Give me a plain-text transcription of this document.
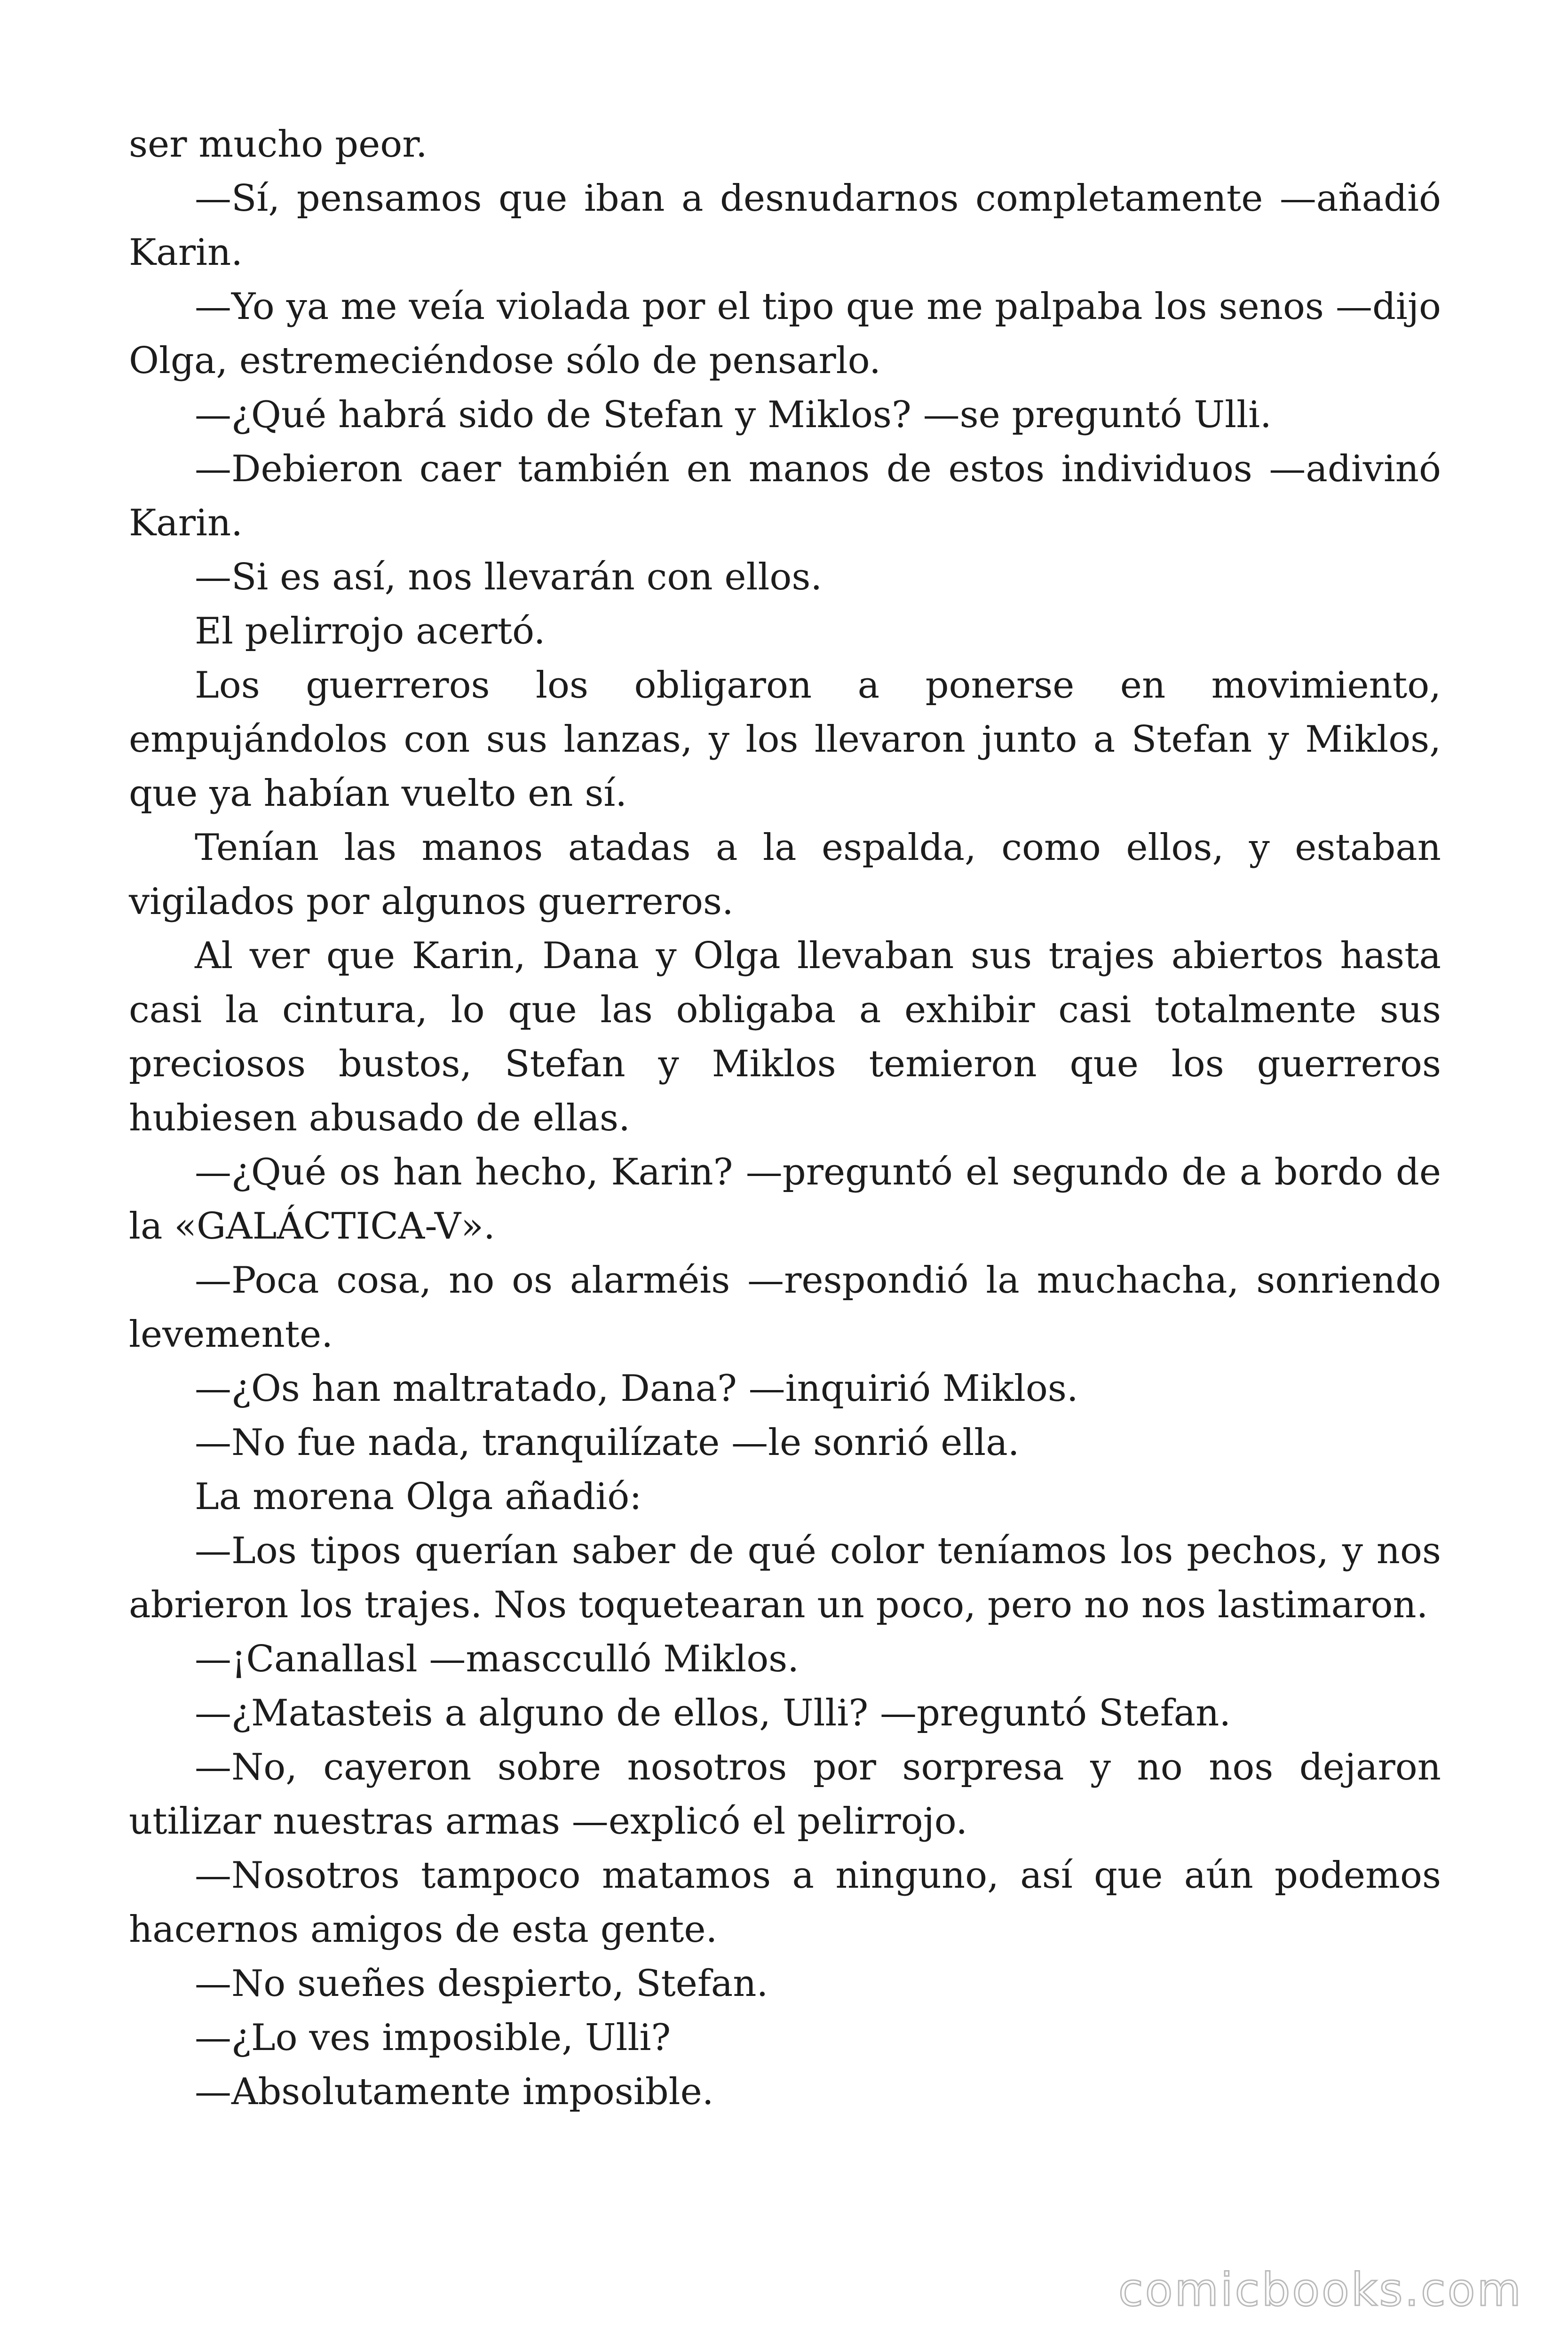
ser mucho peor.

—Sí, pensamos que iban a desnudarnos completamente —añadió Karin.

—Yo ya me veía violada por el tipo que me palpaba los senos —dijo Olga, estremeciéndose sólo de pensarlo.

—¿Qué habrá sido de Stefan y Miklos? —se preguntó Ulli.

—Debieron caer también en manos de estos individuos —adivinó Karin.

—Si es así, nos llevarán con ellos.

El pelirrojo acertó.

Los guerreros los obligaron a ponerse en movimiento, empujándolos con sus lanzas, y los llevaron junto a Stefan y Miklos, que ya habían vuelto en sí.

Tenían las manos atadas a la espalda, como ellos, y estaban vigilados por algunos guerreros.

Al ver que Karin, Dana y Olga llevaban sus trajes abiertos hasta casi la cintura, lo que las obligaba a exhibir casi totalmente sus preciosos bustos, Stefan y Miklos temieron que los guerreros hubiesen abusado de ellas.

—¿Qué os han hecho, Karin? —preguntó el segundo de a bordo de la «GALÁCTICA-V».

—Poca cosa, no os alarméis —respondió la muchacha, sonriendo levemente.

—¿Os han maltratado, Dana? —inquirió Miklos.

—No fue nada, tranquilízate —le sonrió ella.

La morena Olga añadió:

—Los tipos querían saber de qué color teníamos los pechos, y nos abrieron los trajes. Nos toquetearan un poco, pero no nos lastimaron.

—¡Canallasl —mascculló Miklos.

—¿Matasteis a alguno de ellos, Ulli? —preguntó Stefan.

—No, cayeron sobre nosotros por sorpresa y no nos dejaron utilizar nuestras armas —explicó el pelirrojo.

—Nosotros tampoco matamos a ninguno, así que aún podemos hacernos amigos de esta gente.

—No sueñes despierto, Stefan.

—¿Lo ves imposible, Ulli?

—Absolutamente imposible.

comicbooks.com
